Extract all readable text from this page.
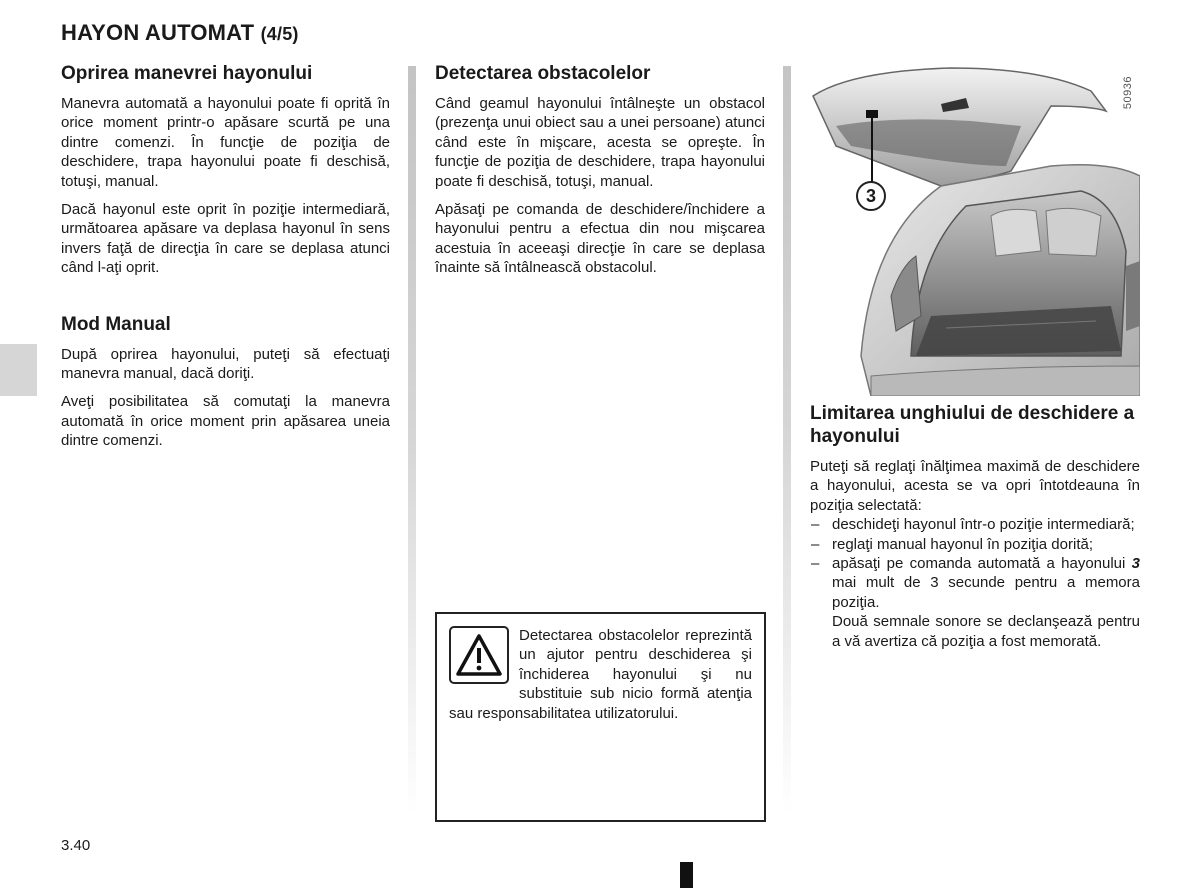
HAYON AUTOMAT (4/5)
Oprirea manevrei hayonului

Manevra automată a hayonului poate fi oprită în orice moment printr-o apăsare scurtă pe una dintre comenzi. În funcţie de poziţia de deschidere, trapa hayonului poate fi deschisă, totuşi, manual.

Dacă hayonul este oprit în poziţie intermediară, următoarea apăsare va deplasa hayonul în sens invers faţă de direcţia în care se deplasa atunci când l-aţi oprit.

Mod Manual

După oprirea hayonului, puteţi să efectuaţi manevra manual, dacă doriţi.

Aveţi posibilitatea să comutaţi la manevra automată în orice moment prin apăsarea uneia dintre comenzi.

Detectarea obstacolelor

Când geamul hayonului întâlneşte un obstacol (prezenţa unui obiect sau a unei persoane) atunci când este în mişcare, acesta se opreşte. În funcţie de poziţia de deschidere, trapa hayonului poate fi deschisă, totuşi, manual.

Apăsaţi pe comanda de deschidere/închidere a hayonului pentru a efectua din nou mişcarea acestuia în aceeaşi direcţie în care se deplasa înainte să întâlnească obstacolul.

Detectarea obstacolelor reprezintă un ajutor pentru deschiderea şi închiderea hayonului şi nu substituie sub nicio formă atenţia sau responsabilitatea utilizatorului.

50936
3
Limitarea unghiului de deschidere a hayonului

Puteţi să reglaţi înălţimea maximă de deschidere a hayonului, acesta se va opri întotdeauna în poziţia selectată:

– deschideţi hayonul într-o poziţie intermediară;
– reglaţi manual hayonul în poziţia dorită;
– apăsaţi pe comanda automată a hayonului 3 mai mult de 3 secunde pentru a memora poziţia.
Două semnale sonore se declanşează pentru a vă avertiza că poziţia a fost memorată.
3.40
